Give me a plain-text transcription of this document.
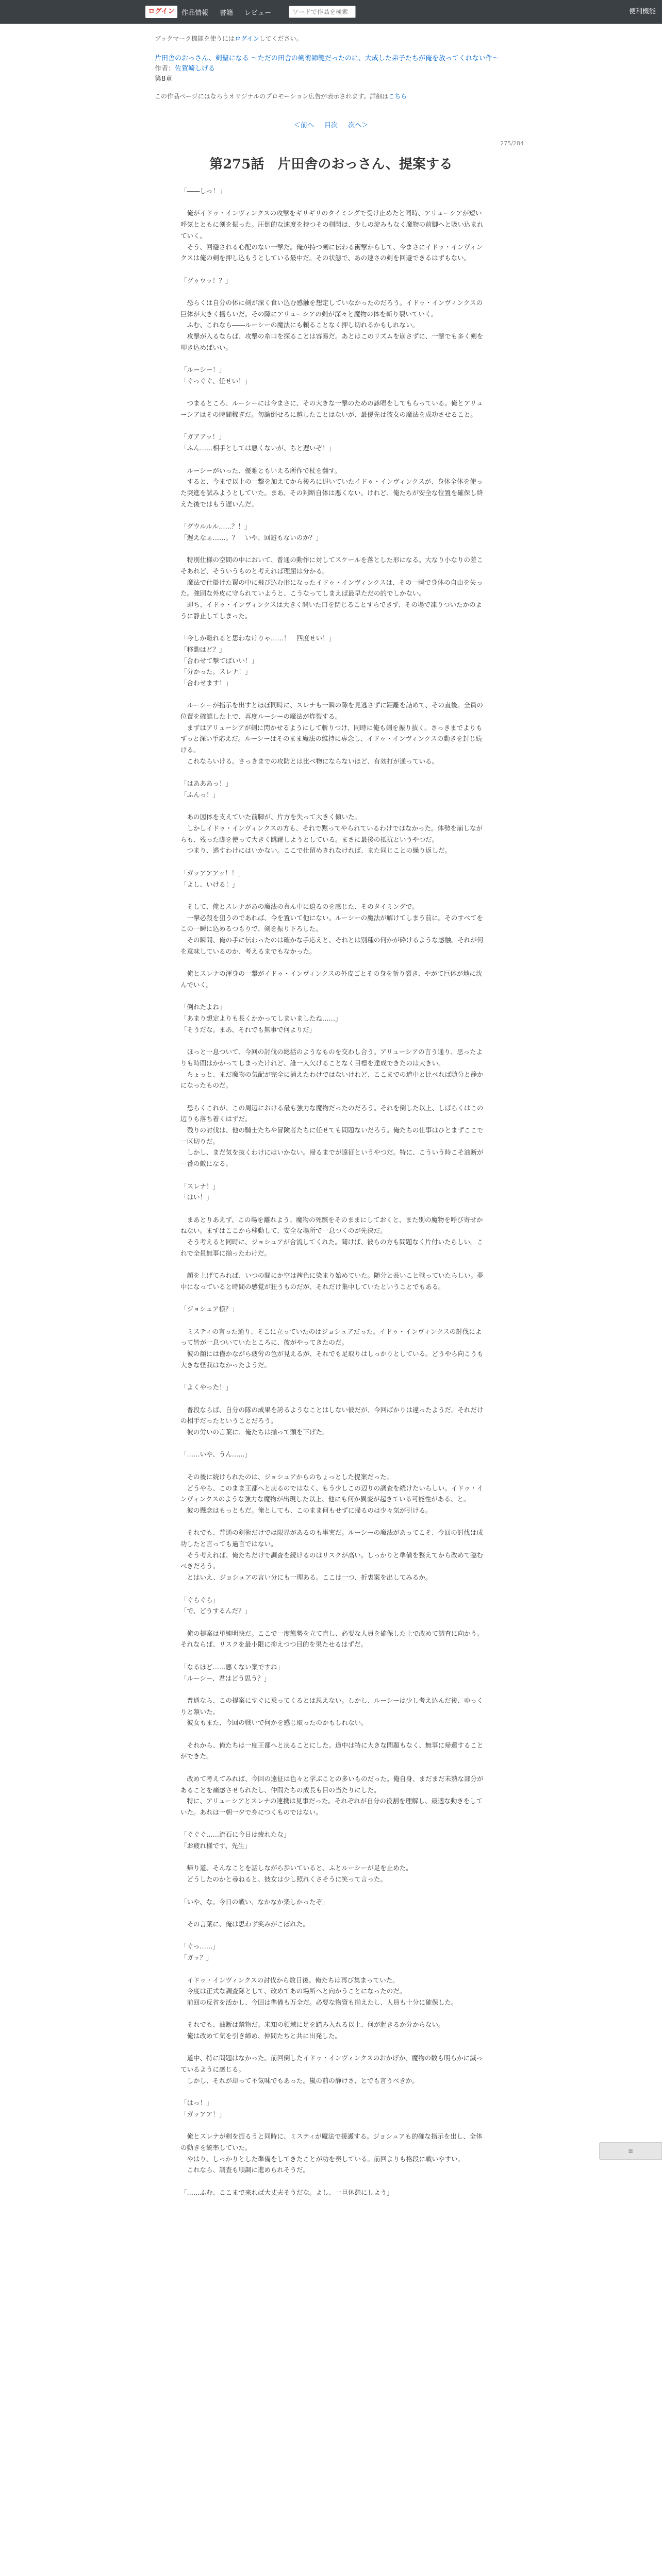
ログイン	作品情報 書籍 レビュー	ワードで作品を検索	便利機能
ブックマーク機能を使うにはログインしてください。
片田舎のおっさん、剣聖になる ～ただの田舎の剣術師範だったのに、大成した弟子たちが俺を放ってくれない件～
作者：佐賀崎しげる
第8章
この作品ページにはなろうオリジナルのプロモーション広告が表示されます。詳細はこちら
＜前へ 目次 次へ＞
275/284
第275話　片田舎のおっさん、提案する
「――しっ！」

　俺がイドゥ・インヴィンクスの攻撃をギリギリのタイミングで受け止めたと同時、アリューシアが短い呼気とともに剣を振った。圧倒的な速度を持つその剣閃は、少しの淀みもなく魔物の前脚へと吸い込まれていく。
　そう、回避される心配のない一撃だ。俺が持つ剣に伝わる衝撃からして、今まさにイドゥ・インヴィンクスは俺の剣を押し込もうとしている最中だ。その状態で、あの速さの剣を回避できるはずもない。

「グゥウッ！？」

　恐らくは自分の体に剣が深く食い込む感触を想定していなかったのだろう。イドゥ・インヴィンクスの巨体が大きく揺らいだ。その隙にアリューシアの剣が深々と魔物の体を斬り裂いていく。
　ふむ、これなら――ルーシーの魔法にも頼ることなく押し切れるかもしれない。
　攻撃が入るならば、攻撃の糸口を探ることは容易だ。あとはこのリズムを崩さずに、一撃でも多く剣を叩き込めばいい。

「ルーシー！」
「ぐっぐぐ、任せい！」

　つまるところ、ルーシーには今まさに、その大きな一撃のための詠唱をしてもらっている。俺とアリューシアはその時間稼ぎだ。勿論倒せるに越したことはないが、最優先は彼女の魔法を成功させること。

「ガアアッ！」
「ふん……相手としては悪くないが、ちと遅いぞ！」

　ルーシーがいった、優雅ともいえる所作で杖を翻す。
　すると、今まで以上の一撃を加えてから後ろに退いていたイドゥ・インヴィンクスが、身体全体を使った突進を試みようとしていた。まあ、その判断自体は悪くない。けれど、俺たちが安全な位置を確保し終えた後ではもう遅いんだ。

「グウルルル……？！」
「遅えなぁ……。？　いや、回避もないのか？」

　特別仕様の空間の中において、普通の動作に対してスケールを落とした形になる。大なり小なりの差こそあれど、そういうものと考えれば理屈は分かる。
　魔法で仕掛けた罠の中に飛び込む形になったイドゥ・インヴィンクスは、その一瞬で身体の自由を失った。強固な外皮に守られていようと、こうなってしまえば最早ただの的でしかない。
　即ち、イドゥ・インヴィンクスは大きく開いた口を閉じることすらできず、その場で凍りついたかのように静止してしまった。

「今しか離れると思わなけりゃ……！　四度せい！」
「移動はど？」
「合わせて撃てばいい！」
「分かった。スレナ！」
「合わせます！」

　ルーシーが指示を出すとほぼ同時に、スレナも一瞬の隙を見逃さずに距離を詰めて、その直後。全員の位置を確認した上で、再度ルーシーの魔法が炸裂する。
　まずはアリューシアが剣に閃かせるようにして斬りつけ、同時に俺も剣を振り抜く。さっきまでよりもずっと深い手応えだ。ルーシーはそのまま魔法の維持に専念し、イドゥ・インヴィンクスの動きを封じ続ける。
　これならいける。さっきまでの攻防とは比べ物にならないほど、有効打が通っている。

「はあああっ！」
「ふんっ！」

　あの図体を支えていた前脚が、片方を失って大きく傾いた。
　しかしイドゥ・インヴィンクスの方も、それで黙ってやられているわけではなかった。体勢を崩しながらも、残った脚を使って大きく跳躍しようとしている。まさに最後の抵抗というやつだ。
　つまり、逃すわけにはいかない。ここで仕留めきれなければ、また同じことの繰り返しだ。

「ガッアアアッ！！」
「よし、いける！」

　そして、俺とスレナがあの魔法の真ん中に迫るのを感じた、そのタイミングで。
　一撃必殺を狙うのであれば、今を置いて他にない。ルーシーの魔法が解けてしまう前に。そのすべてをこの一瞬に込めるつもりで、剣を振り下ろした。
　その瞬間、俺の手に伝わったのは確かな手応えと、それとは別種の何かが砕けるような感触。それが何を意味しているのか、考えるまでもなかった。

　俺とスレナの渾身の一撃がイドゥ・インヴィンクスの外皮ごとその身を斬り裂き、やがて巨体が地に沈んでいく。

「倒れたよね」
「あまり想定よりも長くかかってしまいましたね……」
「そうだな。まあ、それでも無事で何よりだ」

　ほっと一息ついて、今回の討伐の総括のようなものを交わし合う。アリューシアの言う通り、思ったよりも時間はかかってしまったけれど、誰一人欠けることなく目標を達成できたのは大きい。
　ちょっと、まだ魔物の気配が完全に消えたわけではないけれど、ここまでの道中と比べれば随分と静かになったものだ。

　恐らくこれが、この周辺における最も強力な魔物だったのだろう。それを倒した以上、しばらくはこの辺りも落ち着くはずだ。
　残りの討伐は、他の騎士たちや冒険者たちに任せても問題ないだろう。俺たちの仕事はひとまずここで一区切りだ。
　しかし、まだ気を抜くわけにはいかない。帰るまでが遠征というやつだ。特に、こういう時こそ油断が一番の敵になる。

「スレナ！」
「はい！」

　まあとりあえず、この場を離れよう。魔物の死骸をそのままにしておくと、また別の魔物を呼び寄せかねない。まずはここから移動して、安全な場所で一息つくのが先決だ。
　そう考えると同時に、ジョシュアが合流してくれた。聞けば、彼らの方も問題なく片付いたらしい。これで全員無事に揃ったわけだ。

　顔を上げてみれば、いつの間にか空は茜色に染まり始めていた。随分と長いこと戦っていたらしい。夢中になっていると時間の感覚が狂うものだが、それだけ集中していたということでもある。

「ジョシュア様？」

　ミスティの言った通り、そこに立っていたのはジョシュアだった。イドゥ・インヴィンクスの討伐によって皆が一息ついていたところに、彼がやってきたのだ。
　彼の顔には僅かながら疲労の色が見えるが、それでも足取りはしっかりとしている。どうやら向こうも大きな怪我はなかったようだ。

「よくやった！」

　普段ならば、自分の隊の成果を誇るようなことはしない彼だが、今回ばかりは違ったようだ。それだけの相手だったということだろう。
　彼の労いの言葉に、俺たちは揃って頭を下げた。

「……いや、うん……」

　その後に続けられたのは、ジョシュアからのちょっとした提案だった。
　どうやら、このまま王都へと戻るのではなく、もう少しこの辺りの調査を続けたいらしい。イドゥ・インヴィンクスのような強力な魔物が出現した以上、他にも何か異変が起きている可能性がある、と。
　彼の懸念はもっともだ。俺としても、このまま何もせずに帰るのは少々気が引ける。

　それでも、普通の剣術だけでは限界があるのも事実だ。ルーシーの魔法があってこそ、今回の討伐は成功したと言っても過言ではない。
　そう考えれば、俺たちだけで調査を続けるのはリスクが高い。しっかりと準備を整えてから改めて臨むべきだろう。
　とはいえ、ジョシュアの言い分にも一理ある。ここは一つ、折衷案を出してみるか。

「ぐらぐら」
「で、どうするんだ？」

　俺の提案は単純明快だ。ここで一度態勢を立て直し、必要な人員を確保した上で改めて調査に向かう。それならば、リスクを最小限に抑えつつ目的を果たせるはずだ。

「なるほど……悪くない案ですね」
「ルーシー、君はどう思う？」

　普通なら、この提案にすぐに乗ってくるとは思えない。しかし、ルーシーは少し考え込んだ後、ゆっくりと頷いた。
　彼女もまた、今回の戦いで何かを感じ取ったのかもしれない。

　それから、俺たちは一度王都へと戻ることにした。道中は特に大きな問題もなく、無事に帰還することができた。

　改めて考えてみれば、今回の遠征は色々と学ぶことの多いものだった。俺自身、まだまだ未熟な部分があることを痛感させられたし、仲間たちの成長も目の当たりにした。
　特に、アリューシアとスレナの連携は見事だった。それぞれが自分の役割を理解し、最適な動きをしていた。あれは一朝一夕で身につくものではない。

「ぐぐぐ……流石に今日は疲れたな」
「お疲れ様です、先生」

　帰り道、そんなことを話しながら歩いていると、ふとルーシーが足を止めた。
　どうしたのかと尋ねると、彼女は少し照れくさそうに笑って言った。

「いや、な。今日の戦い、なかなか楽しかったぞ」

　その言葉に、俺は思わず笑みがこぼれた。

「ぐっ……」
「ガッ？」

　イドゥ・インヴィンクスの討伐から数日後。俺たちは再び集まっていた。
　今度は正式な調査隊として、改めてあの場所へと向かうことになったのだ。
　前回の反省を活かし、今回は準備も万全だ。必要な物資も揃えたし、人員も十分に確保した。

　それでも、油断は禁物だ。未知の領域に足を踏み入れる以上、何が起きるか分からない。
　俺は改めて気を引き締め、仲間たちと共に出発した。

　道中、特に問題はなかった。前回倒したイドゥ・インヴィンクスのおかげか、魔物の数も明らかに減っているように感じる。
　しかし、それが却って不気味でもあった。嵐の前の静けさ、とでも言うべきか。

「はっ！」
「ガッアア！」

　俺とスレナが剣を振るうと同時に、ミスティが魔法で援護する。ジョシュアも的確な指示を出し、全体の動きを統率していた。
　やはり、しっかりとした準備をしてきたことが功を奏している。前回よりも格段に戦いやすい。
　これなら、調査も順調に進められそうだ。

「……ふむ、ここまで来れば大丈夫そうだな。よし、一旦休憩にしよう」
≡
